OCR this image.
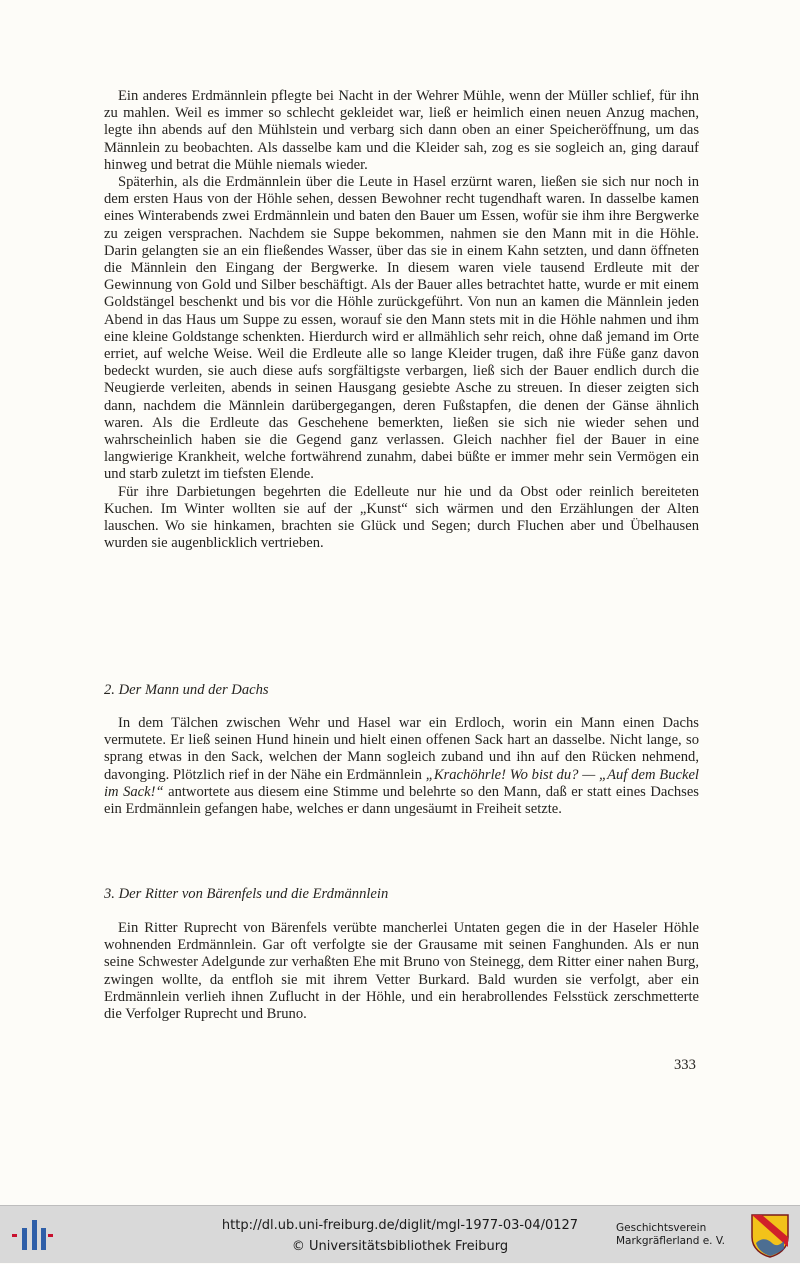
Ein anderes Erdmännlein pflegte bei Nacht in der Wehrer Mühle, wenn der Müller schlief, für ihn zu mahlen. Weil es immer so schlecht gekleidet war, ließ er heimlich einen neuen Anzug machen, legte ihn abends auf den Mühlstein und verbarg sich dann oben an einer Speicheröffnung, um das Männlein zu beobachten. Als dasselbe kam und die Kleider sah, zog es sie sogleich an, ging darauf hinweg und betrat die Mühle niemals wieder.

Späterhin, als die Erdmännlein über die Leute in Hasel erzürnt waren, ließen sie sich nur noch in dem ersten Haus von der Höhle sehen, dessen Bewohner recht tugendhaft waren. In dasselbe kamen eines Winterabends zwei Erdmännlein und baten den Bauer um Essen, wofür sie ihm ihre Bergwerke zu zeigen versprachen. Nachdem sie Suppe bekommen, nahmen sie den Mann mit in die Höhle. Darin gelangten sie an ein fließendes Wasser, über das sie in einem Kahn setzten, und dann öffneten die Männlein den Eingang der Bergwerke. In diesem waren viele tausend Erdleute mit der Gewinnung von Gold und Silber beschäftigt. Als der Bauer alles betrachtet hatte, wurde er mit einem Goldstängel beschenkt und bis vor die Höhle zurückgeführt. Von nun an kamen die Männlein jeden Abend in das Haus um Suppe zu essen, worauf sie den Mann stets mit in die Höhle nahmen und ihm eine kleine Goldstange schenkten. Hierdurch wird er allmählich sehr reich, ohne daß jemand im Orte erriet, auf welche Weise. Weil die Erdleute alle so lange Kleider trugen, daß ihre Füße ganz davon bedeckt wurden, sie auch diese aufs sorgfältigste verbargen, ließ sich der Bauer endlich durch die Neugierde verleiten, abends in seinen Hausgang gesiebte Asche zu streuen. In dieser zeigten sich dann, nachdem die Männlein darübergegangen, deren Fußstapfen, die denen der Gänse ähnlich waren. Als die Erdleute das Geschehene bemerkten, ließen sie sich nie wieder sehen und wahrscheinlich haben sie die Gegend ganz verlassen. Gleich nachher fiel der Bauer in eine langwierige Krankheit, welche fortwährend zunahm, dabei büßte er immer mehr sein Vermögen ein und starb zuletzt im tiefsten Elende.

Für ihre Darbietungen begehrten die Edelleute nur hie und da Obst oder reinlich bereiteten Kuchen. Im Winter wollten sie auf der „Kunst“ sich wärmen und den Erzählungen der Alten lauschen. Wo sie hinkamen, brachten sie Glück und Segen; durch Fluchen aber und Übelhausen wurden sie augenblicklich vertrieben.

2. Der Mann und der Dachs

In dem Tälchen zwischen Wehr und Hasel war ein Erdloch, worin ein Mann einen Dachs vermutete. Er ließ seinen Hund hinein und hielt einen offenen Sack hart an dasselbe. Nicht lange, so sprang etwas in den Sack, welchen der Mann sogleich zuband und ihn auf den Rücken nehmend, davonging. Plötzlich rief in der Nähe ein Erdmännlein „Krachöhrle! Wo bist du? — „Auf dem Buckel im Sack!“ antwortete aus diesem eine Stimme und belehrte so den Mann, daß er statt eines Dachses ein Erdmännlein gefangen habe, welches er dann ungesäumt in Freiheit setzte.

3. Der Ritter von Bärenfels und die Erdmännlein

Ein Ritter Ruprecht von Bärenfels verübte mancherlei Untaten gegen die in der Haseler Höhle wohnenden Erdmännlein. Gar oft verfolgte sie der Grausame mit seinen Fanghunden. Als er nun seine Schwester Adelgunde zur verhaßten Ehe mit Bruno von Steinegg, dem Ritter einer nahen Burg, zwingen wollte, da entfloh sie mit ihrem Vetter Burkard. Bald wurden sie verfolgt, aber ein Erdmännlein verlieh ihnen Zuflucht in der Höhle, und ein herabrollendes Felsstück zerschmetterte die Verfolger Ruprecht und Bruno.

333
http://dl.ub.uni-freiburg.de/diglit/mgl-1977-03-04/0127
© Universitätsbibliothek Freiburg
Geschichtsverein
Markgräflerland e. V.
